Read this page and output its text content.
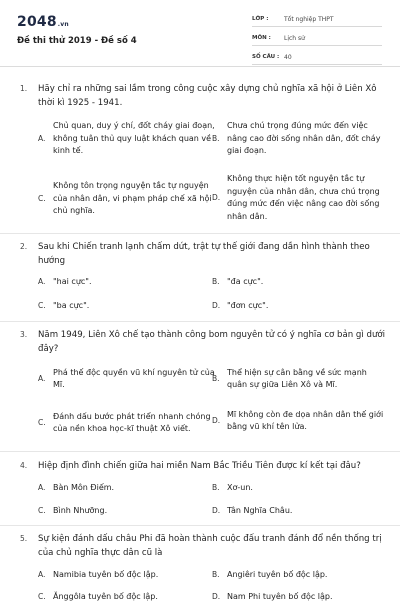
2048.vn
Đề thi thử 2019 - Đề số 4
LỚP :	Tốt nghiệp THPT
MÔN :	Lịch sử
SỐ CÂU : 40
1.	Hãy chỉ ra những sai lầm trong công cuộc xây dựng chủ nghĩa xã hội ở Liên Xô thời kì 1925 - 1941.
A.
Chủ quan, duy ý chí, đốt cháy giai đoạn, không tuân thủ quy luật khách quan về kinh tế.
B.
Chưa chú trọng đúng mức đến việc nâng cao đời sống nhân dân, đốt cháy giai đoạn.
C.
Không tôn trọng nguyện tắc tự nguyện của nhân dân, vi phạm pháp chế xã hội chủ nghĩa.
D.
Không thực hiện tốt nguyện tắc tự nguyện của nhân dân, chưa chú trọng đúng mức đến việc nâng cao đời sống nhân dân.
2.	Sau khi Chiến tranh lạnh chấm dứt, trật tự thế giới đang dần hình thành theo hướng
A. "hai cực".	B. "đa cực".
C. "ba cực".	D. "đơn cực".
3.	Năm 1949, Liên Xô chế tạo thành công bom nguyên tử có ý nghĩa cơ bản gì dưới đây?
A.
Phá thế độc quyền vũ khí nguyên tử của Mĩ.
B.
Thể hiện sự cân bằng về sức mạnh quân sự giữa Liên Xô và Mĩ.
C.
Đánh dấu bước phát triển nhanh chóng của nền khoa học-kĩ thuật Xô viết.
D.
Mĩ không còn đe dọa nhân dân thế giới bằng vũ khí tên lửa.
4.	Hiệp định đình chiến giữa hai miền Nam Bắc Triều Tiên được kí kết tại đâu?
A. Bàn Môn Điếm.	B. Xơ-un.
C. Bình Nhưỡng.	D. Tân Nghĩa Châu.
5.	Sự kiện đánh dấu châu Phi đã hoàn thành cuộc đấu tranh đánh đổ nền thống trị của chủ nghĩa thực dân cũ là
A. Namibia tuyên bố độc lập.	B. Angiêri tuyên bố độc lập.
C. Ănggôla tuyên bố độc lập.	D. Nam Phi tuyên bố độc lập.
